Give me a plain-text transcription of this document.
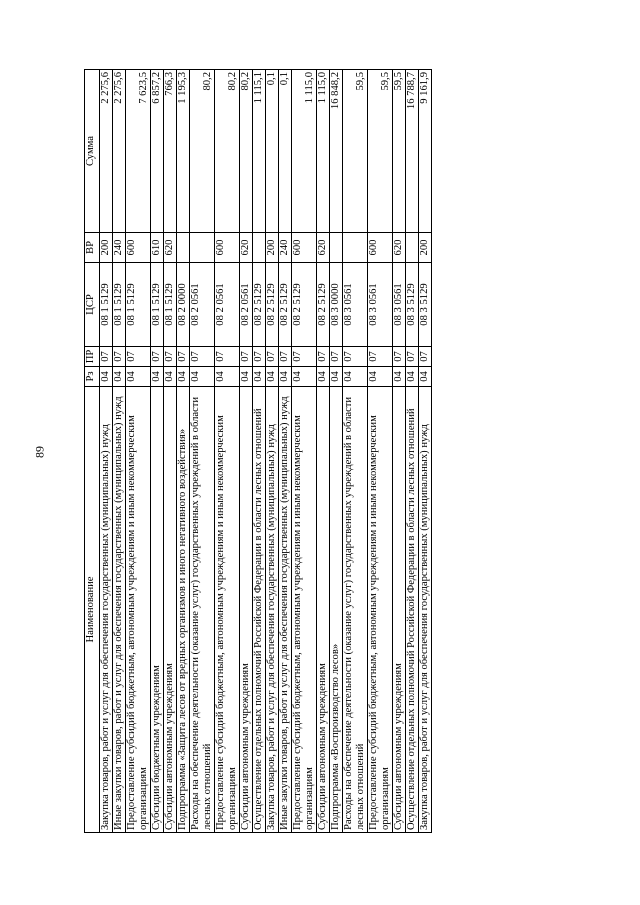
89
Наименование	Рз	ПР	ЦСР	ВР	Сумма
Закупка товаров, работ и услуг для обеспечения государственных (муниципальных) нужд	04	07	08 1 5129	200	2 275,6
Иные закупки товаров, работ и услуг для обеспечения государственных (муниципальных) нужд	04	07	08 1 5129	240	2 275,6
Предоставление субсидий бюджетным, автономным учреждениям и иным некоммерческим организациям	04	07	08 1 5129	600	7 623,5
Субсидии бюджетным учреждениям	04	07	08 1 5129	610	6 857,2
Субсидии автономным учреждениям	04	07	08 1 5129	620	766,3
Подпрограмма «Защита лесов от вредных организмов и иного негативного воздействия»	04	07	08 2 0000		1 195,3
Расходы на обеспечение деятельности (оказание услуг) государственных учреждений в области лесных отношений	04	07	08 2 0561		80,2
Предоставление субсидий бюджетным, автономным учреждениям и иным некоммерческим организациям	04	07	08 2 0561	600	80,2
Субсидии автономным учреждениям	04	07	08 2 0561	620	80,2
Осуществление отдельных полномочий Российской Федерации в области лесных отношений	04	07	08 2 5129		1 115,1
Закупка товаров, работ и услуг для обеспечения государственных (муниципальных) нужд	04	07	08 2 5129	200	0,1
Иные закупки товаров, работ и услуг для обеспечения государственных (муниципальных) нужд	04	07	08 2 5129	240	0,1
Предоставление субсидий бюджетным, автономным учреждениям и иным некоммерческим организациям	04	07	08 2 5129	600	1 115,0
Субсидии автономным учреждениям	04	07	08 2 5129	620	1 115,0
Подпрограмма «Воспроизводство лесов»	04	07	08 3 0000		16 848,2
Расходы на обеспечение деятельности (оказание услуг) государственных учреждений в области лесных отношений	04	07	08 3 0561		59,5
Предоставление субсидий бюджетным, автономным учреждениям и иным некоммерческим организациям	04	07	08 3 0561	600	59,5
Субсидии автономным учреждениям	04	07	08 3 0561	620	59,5
Осуществление отдельных полномочий Российской Федерации в области лесных отношений	04	07	08 3 5129		16 788,7
Закупка товаров, работ и услуг для обеспечения государственных (муниципальных) нужд	04	07	08 3 5129	200	9 161,9
